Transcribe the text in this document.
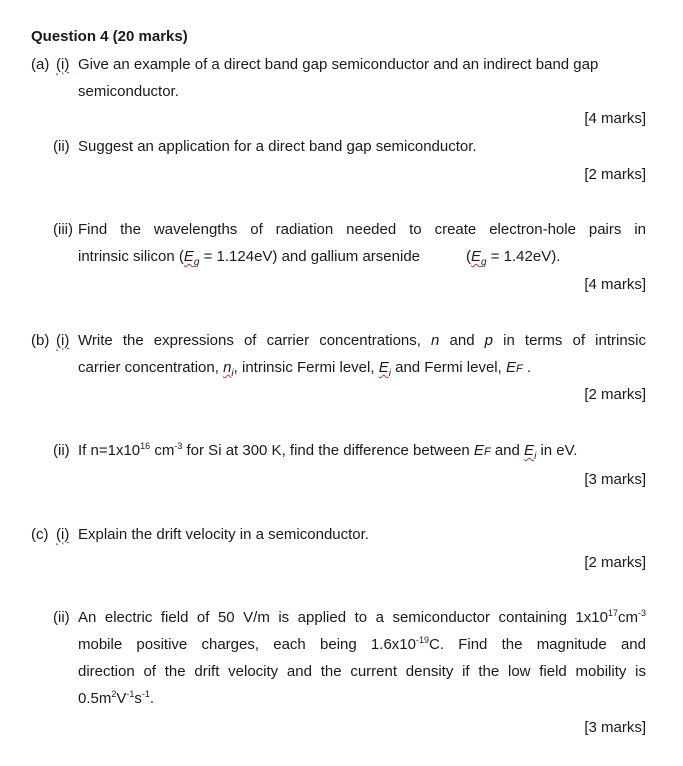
Question 4 (20 marks)
(a) (i) Give an example of a direct band gap semiconductor and an indirect band gap
semiconductor.
[4 marks]
(ii) Suggest an application for a direct band gap semiconductor.
[2 marks]
(iii) Find the wavelengths of radiation needed to create electron-hole pairs in
intrinsic silicon $(E_g = 1.124eV)$ and gallium arsenide	$(E_g = 1.42eV)$.
[4 marks]
(b) (i) Write the expressions of carrier concentrations, n and p in terms of intrinsic
carrier concentration, $n_i$, intrinsic Fermi level, $E_i$ and Fermi level, EF .
[2 marks]
(ii) If $n=1x10^{16}$ $cm^{-3}$ for Si at 300 K, find the difference between EF and $E_i$ in eV.
[3 marks]
(c) (i) Explain the drift velocity in a semiconductor.
[2 marks]
(ii) An electric field of 50 V/m is applied to a semiconductor containing $1x10^{17}cm^{-3}$
mobile positive charges, each being $1.6x10^{-19}C$. Find the magnitude and
direction of the drift velocity and the current density if the low field mobility is
$0.5m^2V^{-1}s^{-1}$.
[3 marks]
